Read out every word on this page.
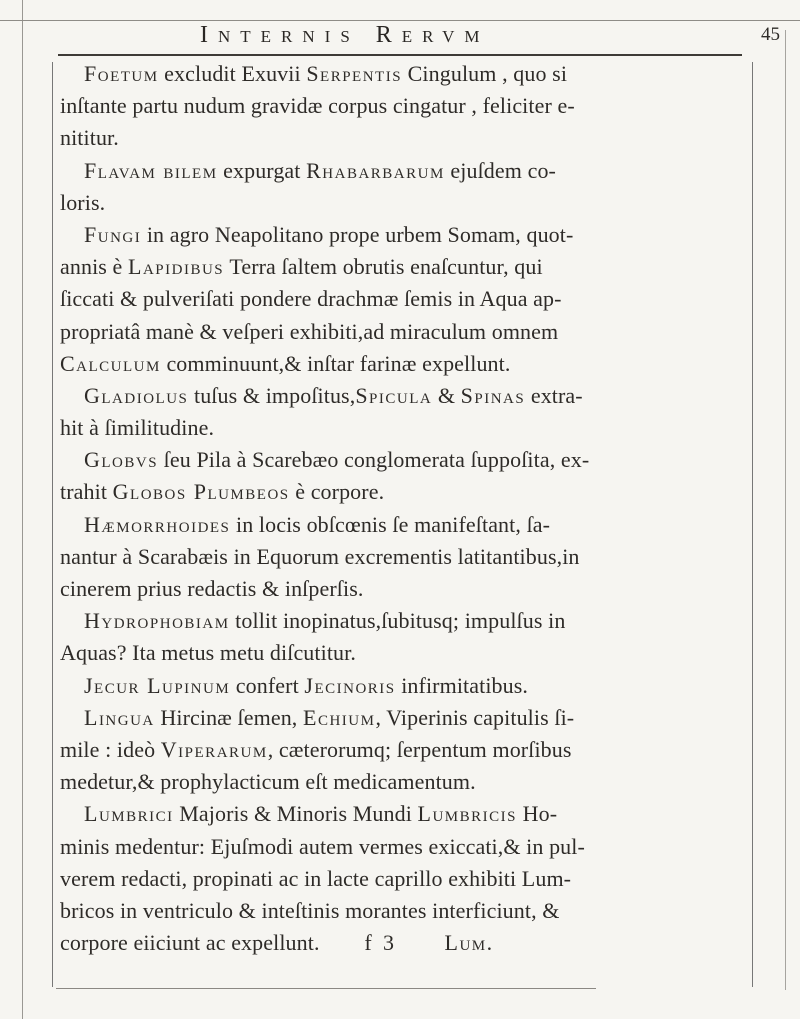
Internis Rervm	45
Foetum excludit Exuvii Serpentis Cingulum , quo si
inſtante partu nudum gravidæ corpus cingatur , feliciter e-
nititur.
Flavam bilem expurgat Rhabarbarum ejuſdem co-
loris.
Fungi in agro Neapolitano prope urbem Somam, quot-
annis è Lapidibus Terra ſaltem obrutis enaſcuntur, qui
ſiccati & pulveriſati pondere drachmæ ſemis in Aqua ap-
propriatâ manè & veſperi exhibiti,ad miraculum omnem
Calculum comminuunt,& inſtar farinæ expellunt.
Gladiolus tuſus & impoſitus,Spicula & Spinas extra-
hit à ſimilitudine.
Globvs ſeu Pila à Scarebæo conglomerata ſuppoſita, ex-
trahit Globos Plumbeos è corpore.
Hæmorrhoides in locis obſcœnis ſe manifeſtant, ſa-
nantur à Scarabæis in Equorum excrementis latitantibus,in
cinerem prius redactis & inſperſis.
Hydrophobiam tollit inopinatus,ſubitusq; impulſus in
Aquas? Ita metus metu diſcutitur.
Jecur Lupinum confert Jecinoris infirmitatibus.
Lingua Hircinæ ſemen, Echium, Viperinis capitulis ſi-
mile : ideò Viperarum, cæterorumq; ſerpentum morſibus
medetur,& prophylacticum eſt medicamentum.
Lumbrici Majoris & Minoris Mundi Lumbricis Ho-
minis medentur: Ejuſmodi autem vermes exiccati,& in pul-
verem redacti, propinati ac in lacte caprillo exhibiti Lum-
bricos in ventriculo & inteſtinis morantes interficiunt, &
corpore eiiciunt ac expellunt.        f  3         Lum.
